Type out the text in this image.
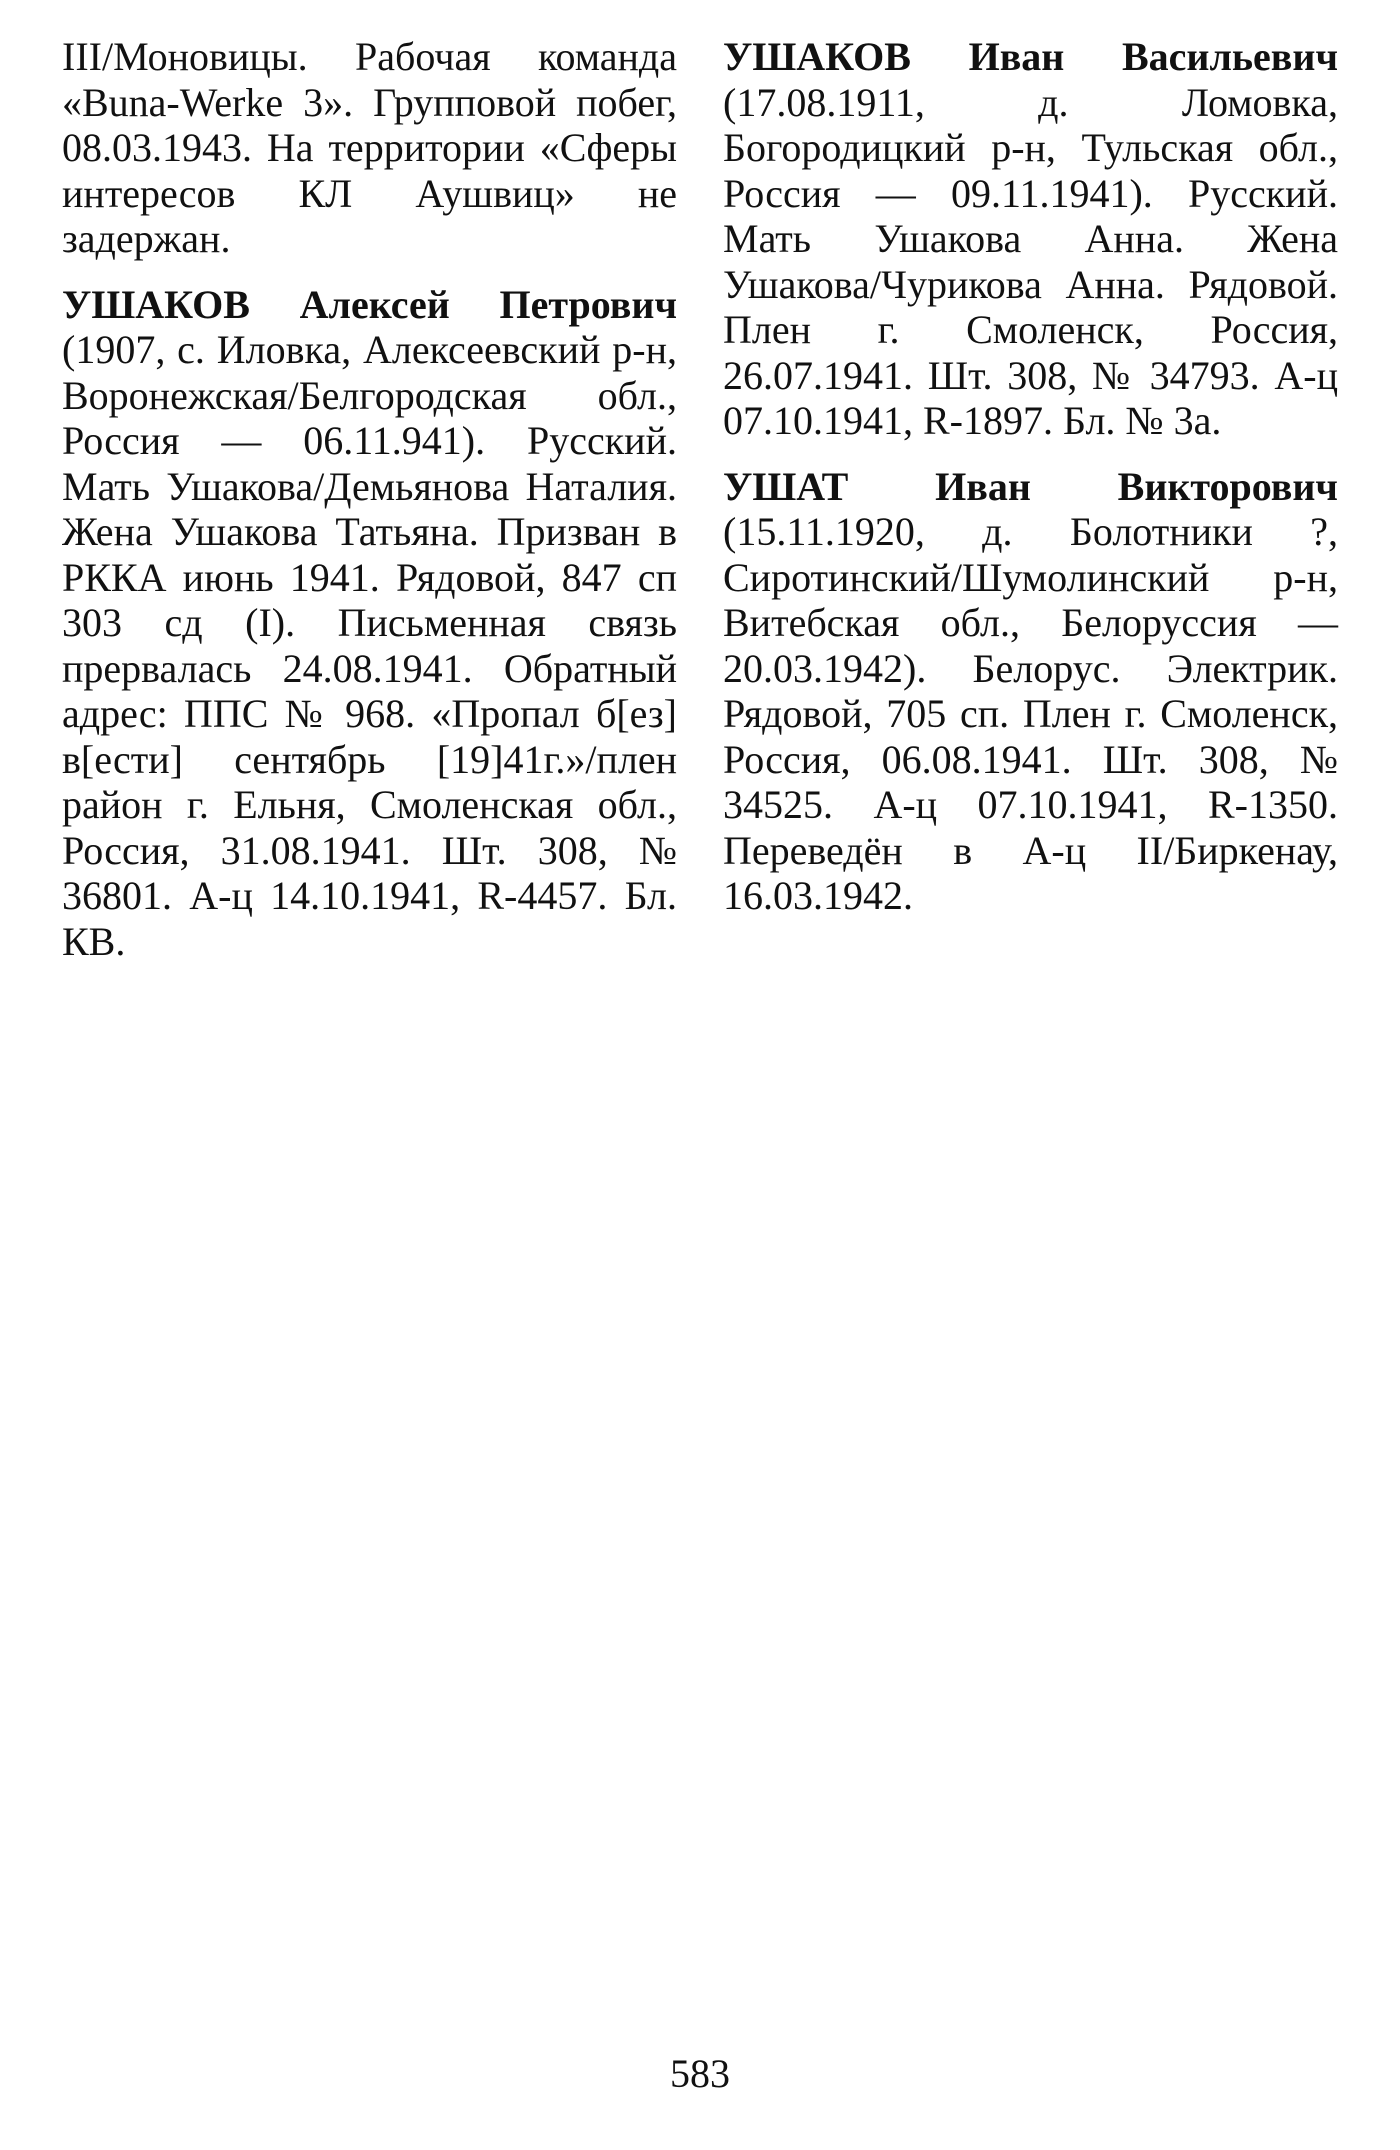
III/Моновицы. Рабочая команда «Buna-Werke 3». Групповой побег, 08.03.1943. На территории «Сферы интересов КЛ Аушвиц» не задержан.

УШАКОВ Алексей Петрович (1907, с. Иловка, Алексеевский р-н, Воронежская/Белгородская обл., Россия — 06.11.941). Русский. Мать Ушакова/Демьянова Наталия. Жена Ушакова Татьяна. Призван в РККА июнь 1941. Рядовой, 847 сп 303 сд (I). Письменная связь прервалась 24.08.1941. Обратный адрес: ППС № 968. «Пропал б[ез] в[ести] сентябрь [19]41г.»/плен район г. Ельня, Смоленская обл., Россия, 31.08.1941. Шт. 308, № 36801. А-ц 14.10.1941, R-4457. Бл. КВ.

УШАКОВ Иван Васильевич (17.08.1911, д. Ломовка, Богородицкий р-н, Тульская обл., Россия — 09.11.1941). Русский. Мать Ушакова Анна. Жена Ушакова/Чурикова Анна. Рядовой. Плен г. Смоленск, Россия, 26.07.1941. Шт. 308, № 34793. А-ц 07.10.1941, R-1897. Бл. № 3а.

УШАТ Иван Викторович (15.11.1920, д. Болотники ?, Сиротинский/Шумолинский р-н, Витебская обл., Белоруссия — 20.03.1942). Белорус. Электрик. Рядовой, 705 сп. Плен г. Смоленск, Россия, 06.08.1941. Шт. 308, № 34525. А-ц 07.10.1941, R-1350. Переведён в А-ц II/Биркенау, 16.03.1942.

583
